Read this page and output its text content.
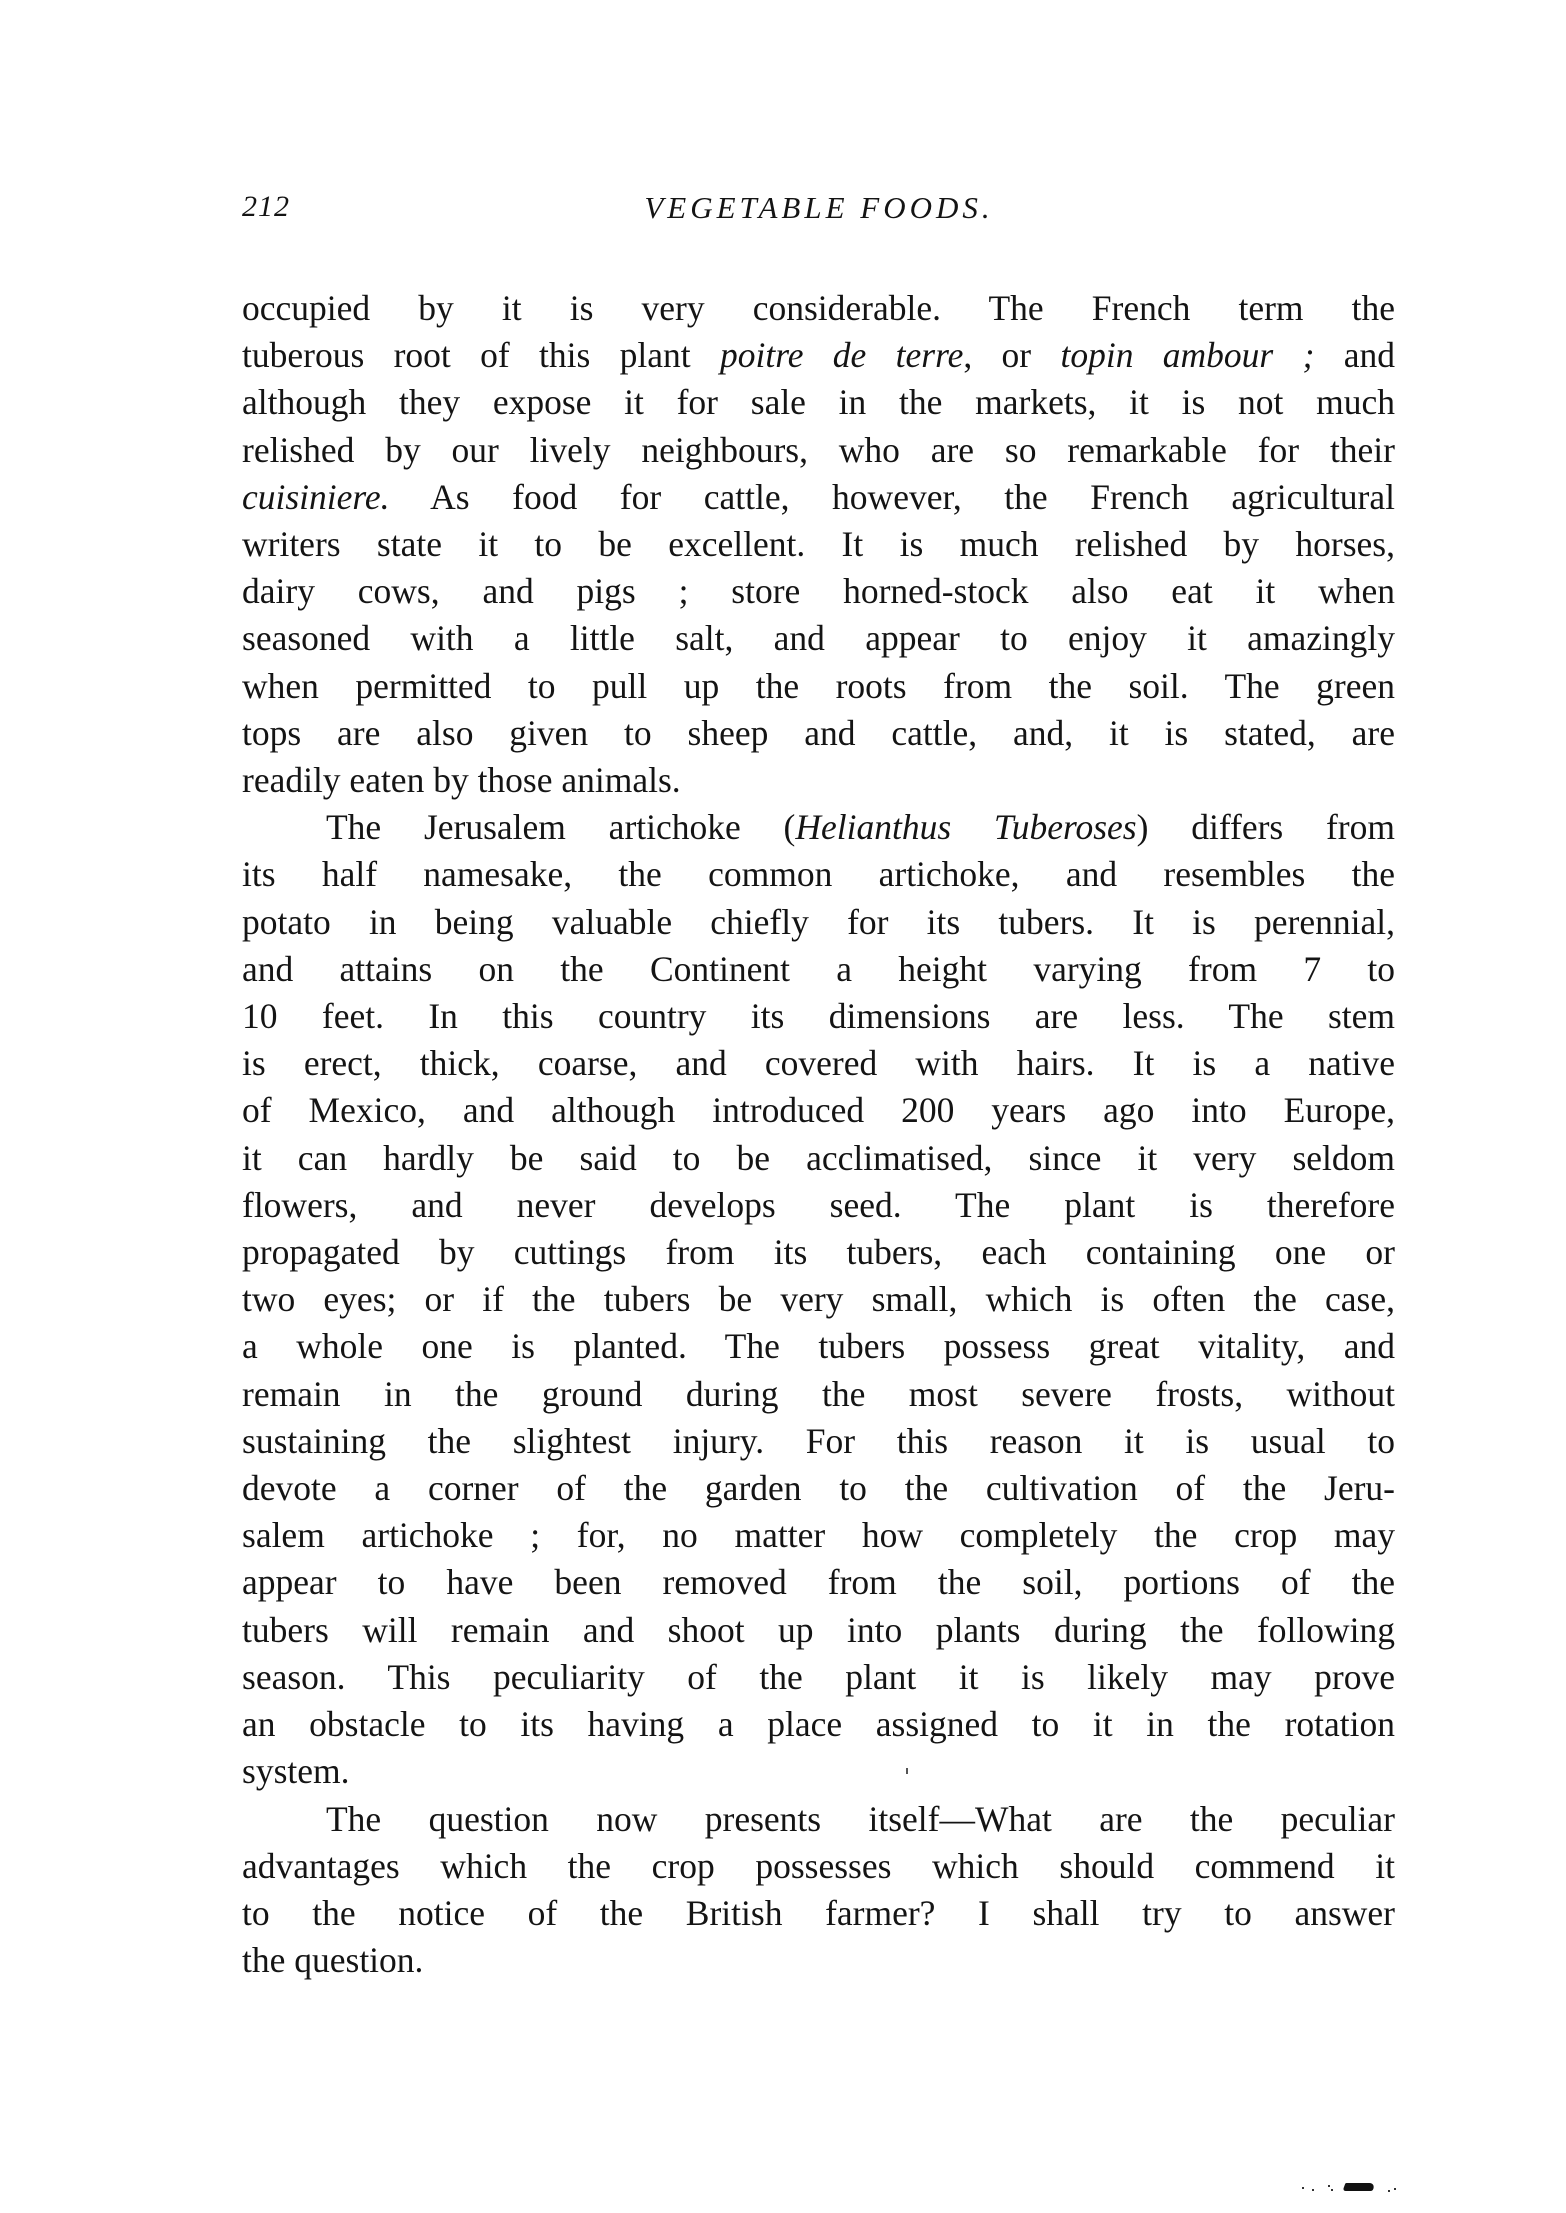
212	VEGETABLE FOODS.
occupied by it is very considerable. The French term the
tuberous root of this plant poitre de terre, or topin ambour ; and
although they expose it for sale in the markets, it is not much
relished by our lively neighbours, who are so remarkable for their
cuisiniere. As food for cattle, however, the French agricultural
writers state it to be excellent. It is much relished by horses,
dairy cows, and pigs ; store horned-stock also eat it when
seasoned with a little salt, and appear to enjoy it amazingly
when permitted to pull up the roots from the soil. The green
tops are also given to sheep and cattle, and, it is stated, are
readily eaten by those animals.
The Jerusalem artichoke (Helianthus Tuberoses) differs from
its half namesake, the common artichoke, and resembles the
potato in being valuable chiefly for its tubers. It is perennial,
and attains on the Continent a height varying from 7 to
10 feet. In this country its dimensions are less. The stem
is erect, thick, coarse, and covered with hairs. It is a native
of Mexico, and although introduced 200 years ago into Europe,
it can hardly be said to be acclimatised, since it very seldom
flowers, and never develops seed. The plant is therefore
propagated by cuttings from its tubers, each containing one or
two eyes; or if the tubers be very small, which is often the case,
a whole one is planted. The tubers possess great vitality, and
remain in the ground during the most severe frosts, without
sustaining the slightest injury. For this reason it is usual to
devote a corner of the garden to the cultivation of the Jeru-
salem artichoke ; for, no matter how completely the crop may
appear to have been removed from the soil, portions of the
tubers will remain and shoot up into plants during the following
season. This peculiarity of the plant it is likely may prove
an obstacle to its having a place assigned to it in the rotation
system.
The question now presents itself—What are the peculiar
advantages which the crop possesses which should commend it
to the notice of the British farmer? I shall try to answer
the question.
